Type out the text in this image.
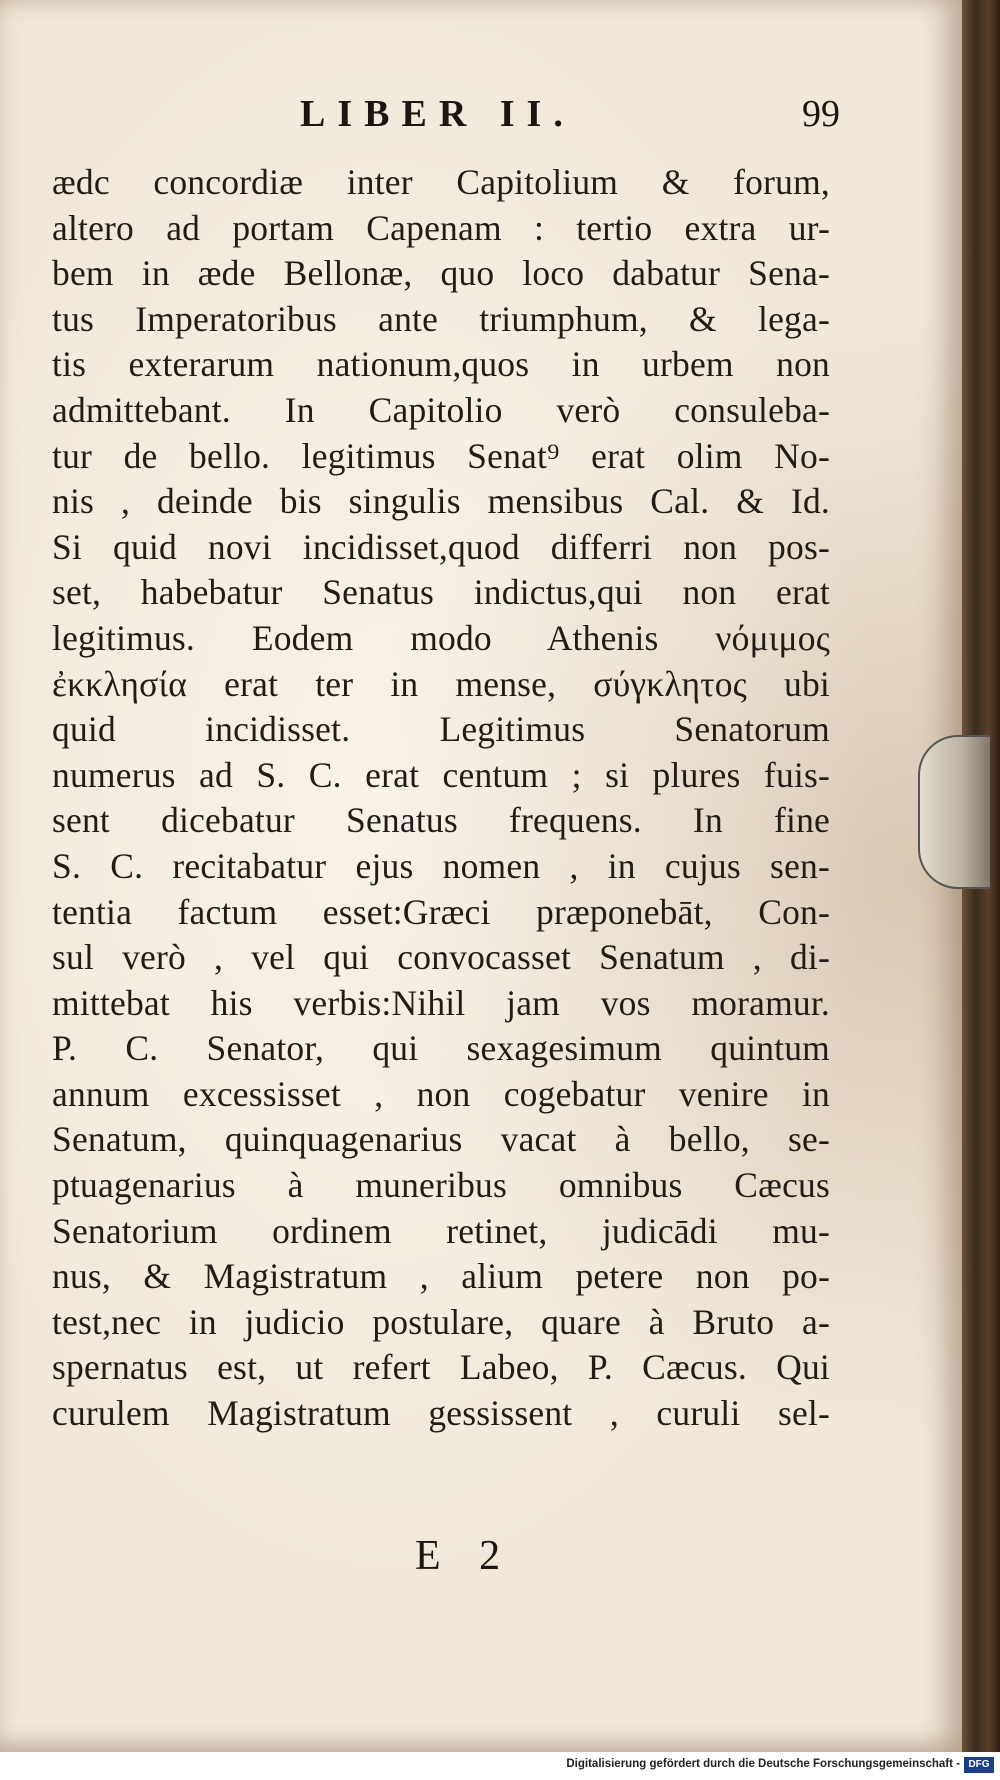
LIBER II.	99
ædc concordiæ inter Capitolium & forum,
altero ad portam Capenam : tertio extra ur-
bem in æde Bellonæ, quo loco dabatur Sena-
tus Imperatoribus ante triumphum, & lega-
tis exterarum nationum,quos in urbem non
admittebant. In Capitolio verò consuleba-
tur de bello. legitimus Senat⁹ erat olim No-
nis , deinde bis singulis mensibus Cal. & Id.
Si quid novi incidisset,quod differri non pos-
set, habebatur Senatus indictus,qui non erat
legitimus. Eodem modo Athenis νόμιμος
ἐκκλησία erat ter in mense, σύγκλητος ubi
quid incidisset. Legitimus Senatorum
numerus ad S. C. erat centum ; si plures fuis-
sent dicebatur Senatus frequens. In fine
S. C. recitabatur ejus nomen , in cujus sen-
tentia factum esset:Græci præponebāt, Con-
sul verò , vel qui convocasset Senatum , di-
mittebat his verbis:Nihil jam vos moramur.
P. C. Senator, qui sexagesimum quintum
annum excessisset , non cogebatur venire in
Senatum, quinquagenarius vacat à bello, se-
ptuagenarius à muneribus omnibus Cæcus
Senatorium ordinem retinet, judicādi mu-
nus, & Magistratum , alium petere non po-
test,nec in judicio postulare, quare à Bruto a-
spernatus est, ut refert Labeo, P. Cæcus. Qui
curulem Magistratum gessissent , curuli sel-
E 2
Digitalisierung gefördert durch die Deutsche Forschungsgemeinschaft - DFG
